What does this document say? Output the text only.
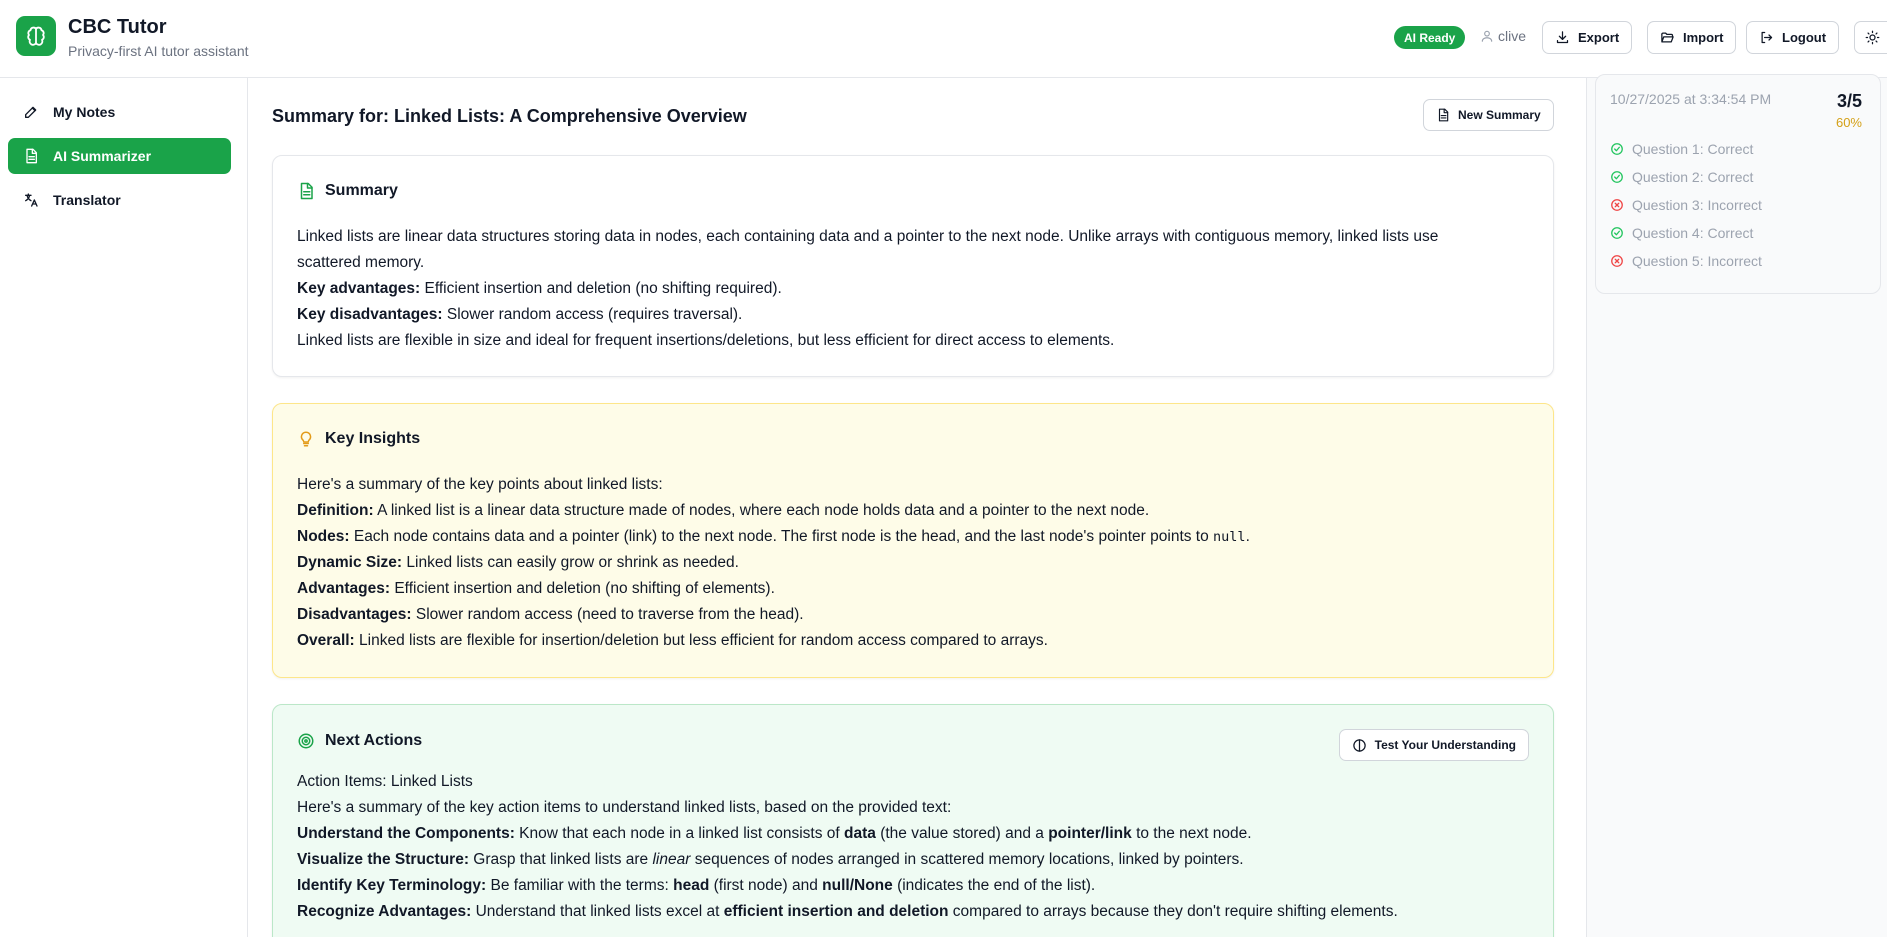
CBC Tutor
Privacy-first AI tutor assistant
AI Ready	clive	Export	Import	Logout
My Notes
AI Summarizer
Translator
Summary for: Linked Lists: A Comprehensive Overview	New Summary
Summary

Linked lists are linear data structures storing data in nodes, each containing data and a pointer to the next node. Unlike arrays with contiguous memory, linked lists use

scattered memory.

Key advantages: Efficient insertion and deletion (no shifting required).

Key disadvantages: Slower random access (requires traversal).

Linked lists are flexible in size and ideal for frequent insertions/deletions, but less efficient for direct access to elements.

Key Insights

Here's a summary of the key points about linked lists:

Definition: A linked list is a linear data structure made of nodes, where each node holds data and a pointer to the next node.

Nodes: Each node contains data and a pointer (link) to the next node. The first node is the head, and the last node's pointer points to null.

Dynamic Size: Linked lists can easily grow or shrink as needed.

Advantages: Efficient insertion and deletion (no shifting of elements).

Disadvantages: Slower random access (need to traverse from the head).

Overall: Linked lists are flexible for insertion/deletion but less efficient for random access compared to arrays.

Next Actions	Test Your Understanding

Action Items: Linked Lists

Here's a summary of the key action items to understand linked lists, based on the provided text:

Understand the Components: Know that each node in a linked list consists of data (the value stored) and a pointer/link to the next node.

Visualize the Structure: Grasp that linked lists are linear sequences of nodes arranged in scattered memory locations, linked by pointers.

Identify Key Terminology: Be familiar with the terms: head (first node) and null/None (indicates the end of the list).

Recognize Advantages: Understand that linked lists excel at efficient insertion and deletion compared to arrays because they don't require shifting elements.

10/27/2025 at 3:34:54 PM	3/5
60%
Question 1: Correct
Question 2: Correct
Question 3: Incorrect
Question 4: Correct
Question 5: Incorrect
